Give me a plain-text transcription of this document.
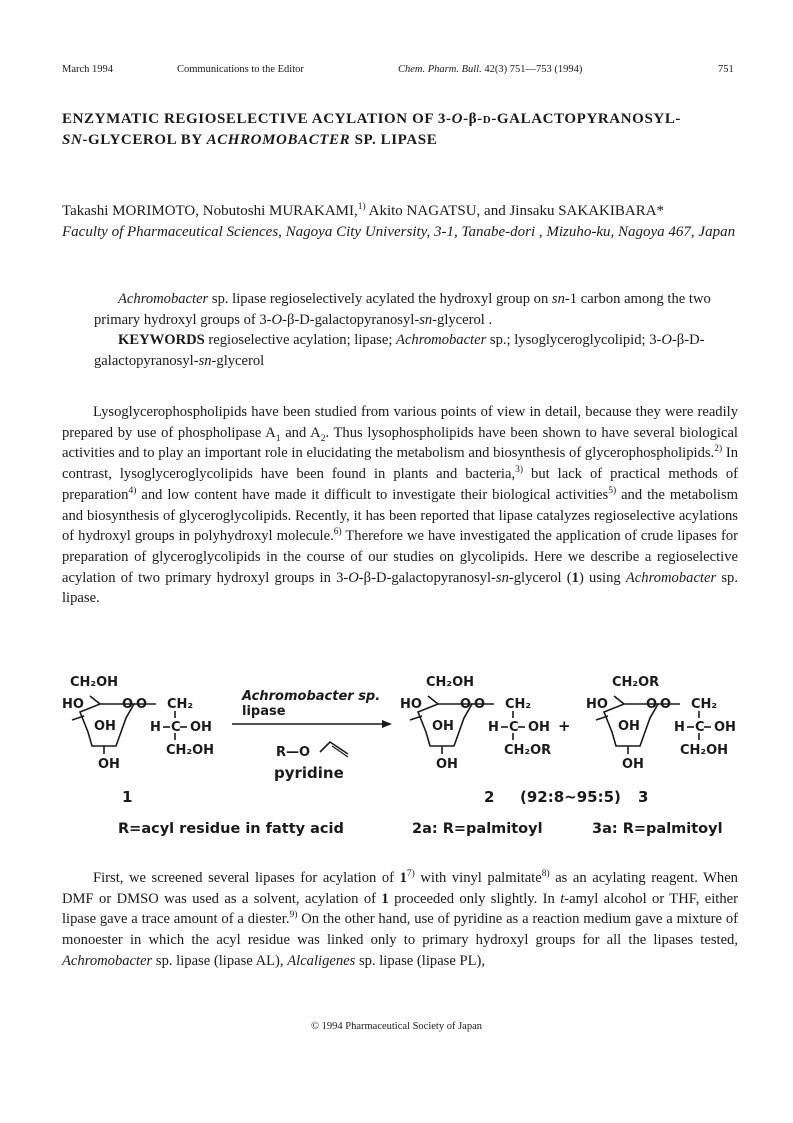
March 1994	Communications to the Editor	Chem. Pharm. Bull. 42(3) 751—753 (1994)	751
ENZYMATIC REGIOSELECTIVE ACYLATION OF 3-O-β-d-GALACTOPYRANOSYL-
SN-GLYCEROL BY ACHROMOBACTER SP. LIPASE
Takashi MORIMOTO, Nobutoshi MURAKAMI,$^{1)}$ Akito NAGATSU, and Jinsaku SAKAKIBARA*
Faculty of Pharmaceutical Sciences, Nagoya City University, 3-1, Tanabe-dori , Mizuho-ku, Nagoya 467, Japan

Achromobacter sp. lipase regioselectively acylated the hydroxyl group on sn-1 carbon among the two primary hydroxyl groups of 3-O-β-D-galactopyranosyl-sn-glycerol .

KEYWORDS regioselective acylation; lipase; Achromobacter sp.; lysoglyceroglycolipid; 3-O-β-D-galactopyranosyl-sn-glycerol

Lysoglycerophospholipids have been studied from various points of view in detail, because they were readily prepared by use of phospholipase $A_1$ and $A_2$. Thus lysophospholipids have been shown to have several biological activities and to play an important role in elucidating the metabolism and biosynthesis of glycerophospholipids.$^{2)}$ In contrast, lysoglyceroglycolipids have been found in plants and bacteria,$^{3)}$ but lack of practical methods of preparation$^{4)}$ and low content have made it difficult to investigate their biological activities$^{5)}$ and the metabolism and biosynthesis of glyceroglycolipids. Recently, it has been reported that lipase catalyzes regioselective acylations of hydroxyl groups in polyhydroxyl molecule.$^{6)}$ Therefore we have investigated the application of crude lipases for preparation of glyceroglycolipids in the course of our studies on glycolipids. Here we describe a regioselective acylation of two primary hydroxyl groups in 3-O-β-D-galactopyranosyl-sn-glycerol (1) using Achromobacter sp. lipase.

CH₂OH
HO	O O CH₂
OH	H C OH
CH₂OH
OH
1
Achromobacter sp.
lipase
R—O
pyridine
CH₂OH
HO	O O CH₂
OH	H C OH
CH₂OR
OH
+
2 (92:8~95:5)
CH₂OR
HO	O O CH₂
OH	H C OH
CH₂OH
OH
3
R=acyl residue in fatty acid	2a: R=palmitoyl	3a: R=palmitoyl

First, we screened several lipases for acylation of 1$^{7)}$ with vinyl palmitate$^{8)}$ as an acylating reagent. When DMF or DMSO was used as a solvent, acylation of 1 proceeded only slightly. In t-amyl alcohol or THF, either lipase gave a trace amount of a diester.$^{9)}$ On the other hand, use of pyridine as a reaction medium gave a mixture of monoester in which the acyl residue was linked only to primary hydroxyl groups for all the lipases tested, Achromobacter sp. lipase (lipase AL), Alcaligenes sp. lipase (lipase PL),

© 1994 Pharmaceutical Society of Japan
